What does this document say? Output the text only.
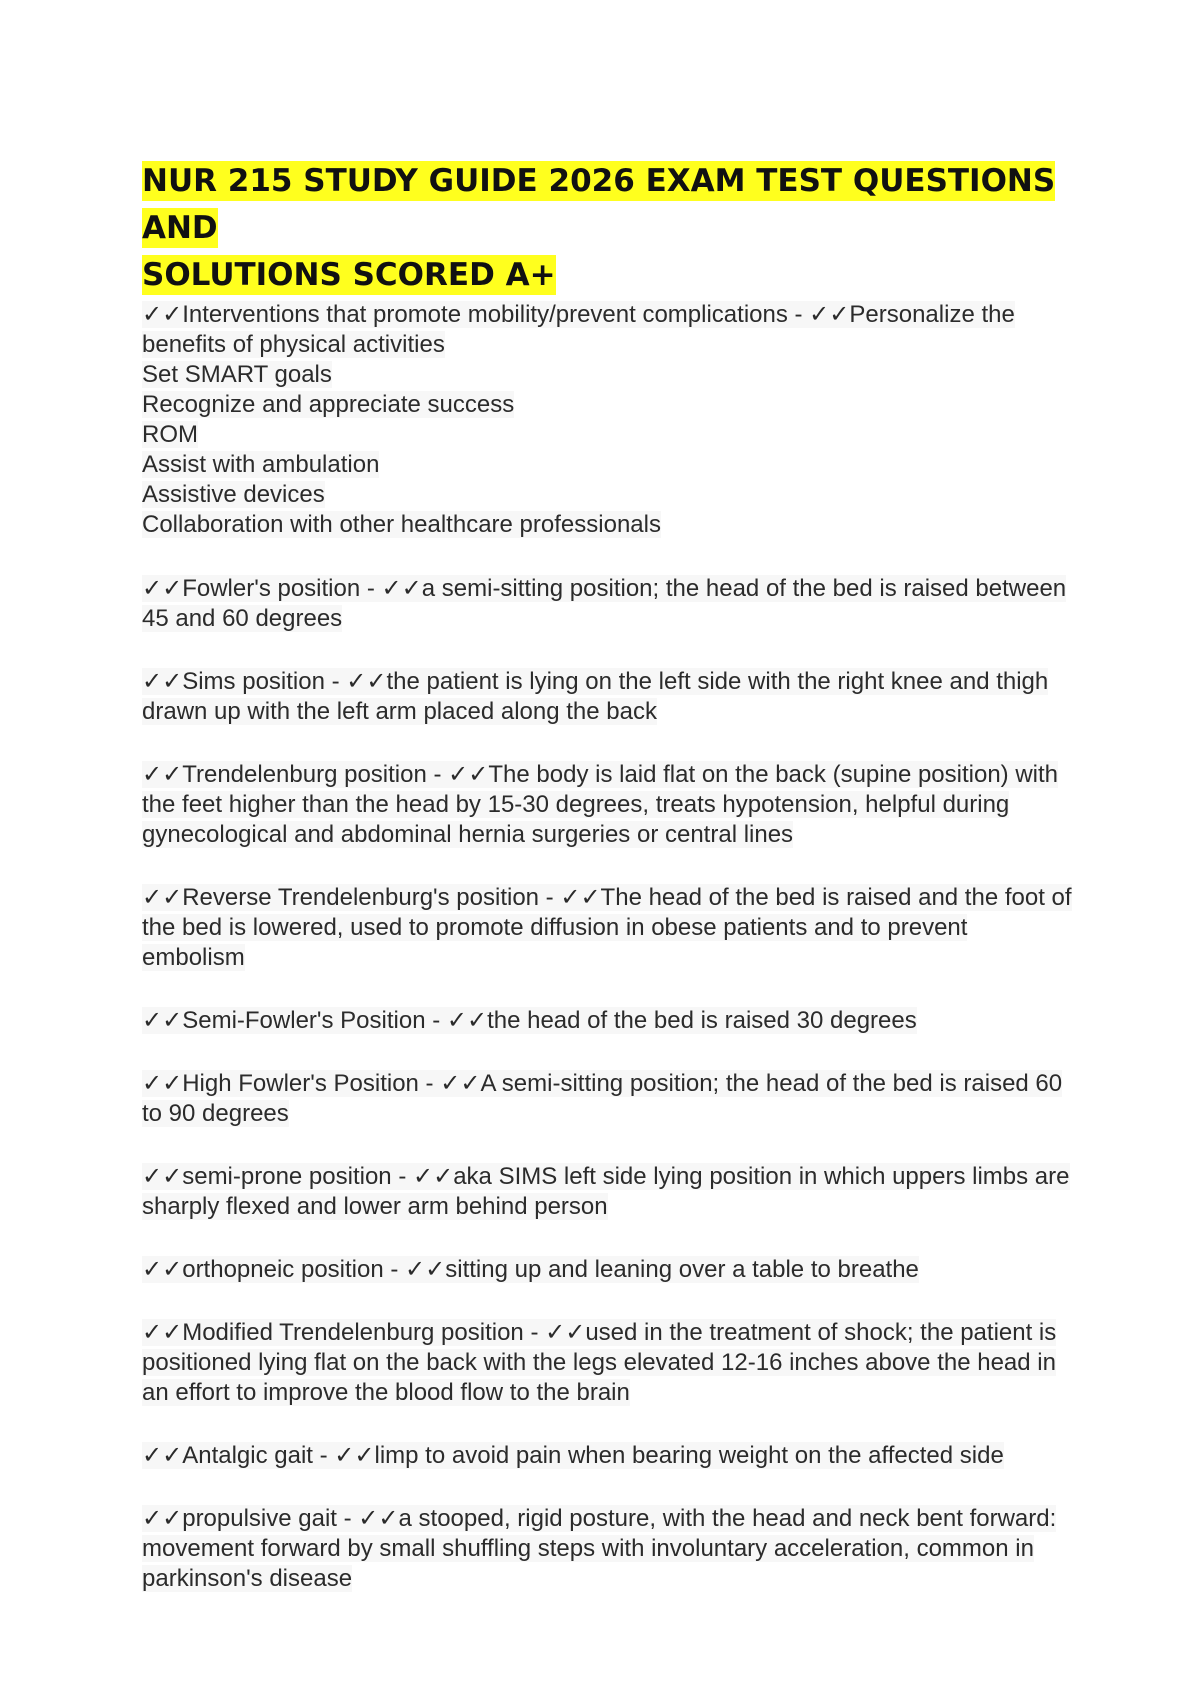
NUR 215 STUDY GUIDE 2026 EXAM TEST QUESTIONS AND
SOLUTIONS SCORED A+
✓✓Interventions that promote mobility/prevent complications - ✓✓Personalize the
benefits of physical activities
Set SMART goals
Recognize and appreciate success
ROM
Assist with ambulation
Assistive devices
Collaboration with other healthcare professionals
✓✓Fowler's position - ✓✓a semi-sitting position; the head of the bed is raised between
45 and 60 degrees
✓✓Sims position - ✓✓the patient is lying on the left side with the right knee and thigh
drawn up with the left arm placed along the back
✓✓Trendelenburg position - ✓✓The body is laid flat on the back (supine position) with
the feet higher than the head by 15-30 degrees, treats hypotension, helpful during
gynecological and abdominal hernia surgeries or central lines
✓✓Reverse Trendelenburg's position - ✓✓The head of the bed is raised and the foot of
the bed is lowered, used to promote diffusion in obese patients and to prevent embolism
✓✓Semi-Fowler's Position - ✓✓the head of the bed is raised 30 degrees
✓✓High Fowler's Position - ✓✓A semi-sitting position; the head of the bed is raised 60
to 90 degrees
✓✓semi-prone position - ✓✓aka SIMS left side lying position in which uppers limbs are
sharply flexed and lower arm behind person
✓✓orthopneic position - ✓✓sitting up and leaning over a table to breathe
✓✓Modified Trendelenburg position - ✓✓used in the treatment of shock; the patient is
positioned lying flat on the back with the legs elevated 12-16 inches above the head in
an effort to improve the blood flow to the brain
✓✓Antalgic gait - ✓✓limp to avoid pain when bearing weight on the affected side
✓✓propulsive gait - ✓✓a stooped, rigid posture, with the head and neck bent forward:
movement forward by small shuffling steps with involuntary acceleration, common in
parkinson's disease
